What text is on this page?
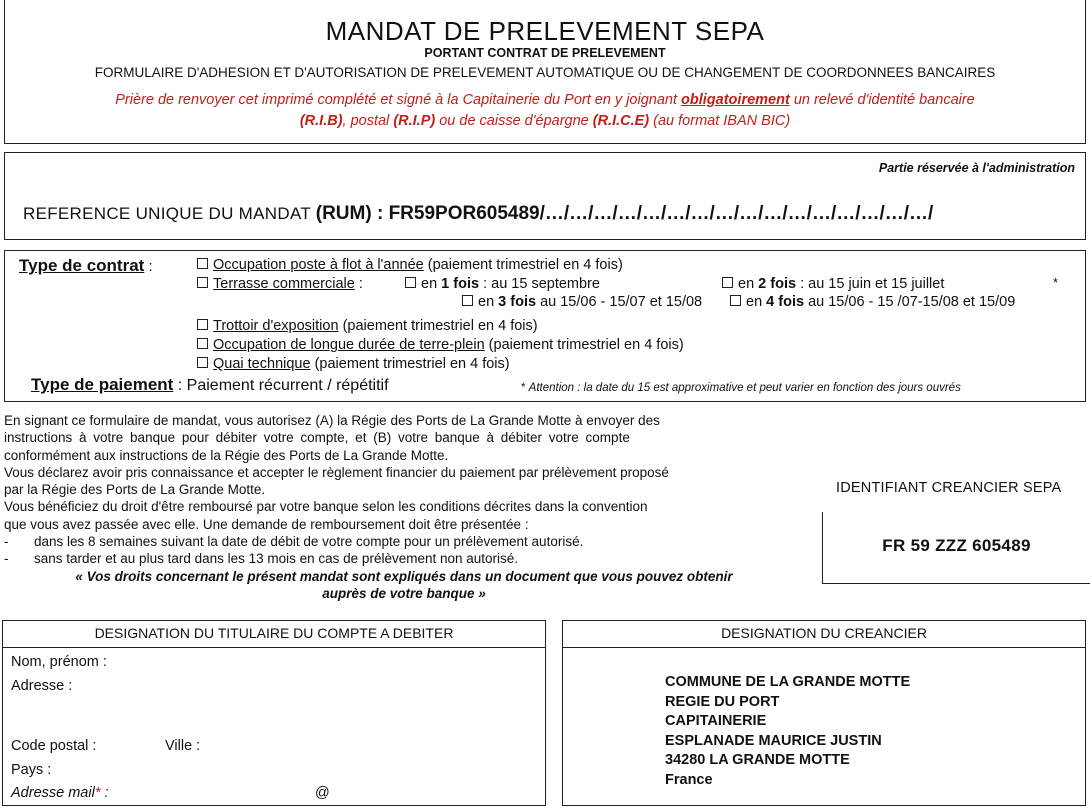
MANDAT DE PRELEVEMENT SEPA
PORTANT CONTRAT DE PRELEVEMENT
FORMULAIRE D'ADHESION ET D'AUTORISATION DE PRELEVEMENT AUTOMATIQUE OU DE CHANGEMENT DE COORDONNEES BANCAIRES
Prière de renvoyer cet imprimé complété et signé à la Capitainerie du Port en y joignant obligatoirement un relevé d'identité bancaire
(R.I.B), postal (R.I.P) ou de caisse d'épargne (R.I.C.E) (au format IBAN BIC)
Partie réservée à l'administration
REFERENCE UNIQUE DU MANDAT (RUM) : FR59POR605489/…/…/…/…/…/…/…/…/…/…/…/…/…/…/…/…/
Type de contrat :	Occupation poste à flot à l'année (paiement trimestriel en 4 fois)
Terrasse commerciale :	en 1 fois : au 15 septembre	en 2 fois : au 15 juin et 15 juillet	*
en 3 fois au 15/06 - 15/07 et 15/08	en 4 fois au 15/06 - 15 /07-15/08 et 15/09
Trottoir d'exposition (paiement trimestriel en 4 fois)
Occupation de longue durée de terre-plein (paiement trimestriel en 4 fois)
Quai technique (paiement trimestriel en 4 fois)
Type de paiement : Paiement récurrent / répétitif	* Attention : la date du 15 est approximative et peut varier en fonction des jours ouvrés
En signant ce formulaire de mandat, vous autorisez (A) la Régie des Ports de La Grande Motte à envoyer des
instructions à votre banque pour débiter votre compte, et (B) votre banque à débiter votre compte
conformément aux instructions de la Régie des Ports de La Grande Motte.
Vous déclarez avoir pris connaissance et accepter le règlement financier du paiement par prélèvement proposé
par la Régie des Ports de La Grande Motte.
Vous bénéficiez du droit d'être remboursé par votre banque selon les conditions décrites dans la convention
que vous avez passée avec elle. Une demande de remboursement doit être présentée :
- dans les 8 semaines suivant la date de débit de votre compte pour un prélèvement autorisé.
- sans tarder et au plus tard dans les 13 mois en cas de prélèvement non autorisé.
« Vos droits concernant le présent mandat sont expliqués dans un document que vous pouvez obtenir
auprès de votre banque »
IDENTIFIANT CREANCIER SEPA
FR 59 ZZZ 605489
DESIGNATION DU TITULAIRE DU COMPTE A DEBITER
Nom, prénom :
Adresse :
Code postal :	Ville :
Pays :
Adresse mail* :	@
DESIGNATION DU CREANCIER
COMMUNE DE LA GRANDE MOTTE
REGIE DU PORT
CAPITAINERIE
ESPLANADE MAURICE JUSTIN
34280 LA GRANDE MOTTE
France
